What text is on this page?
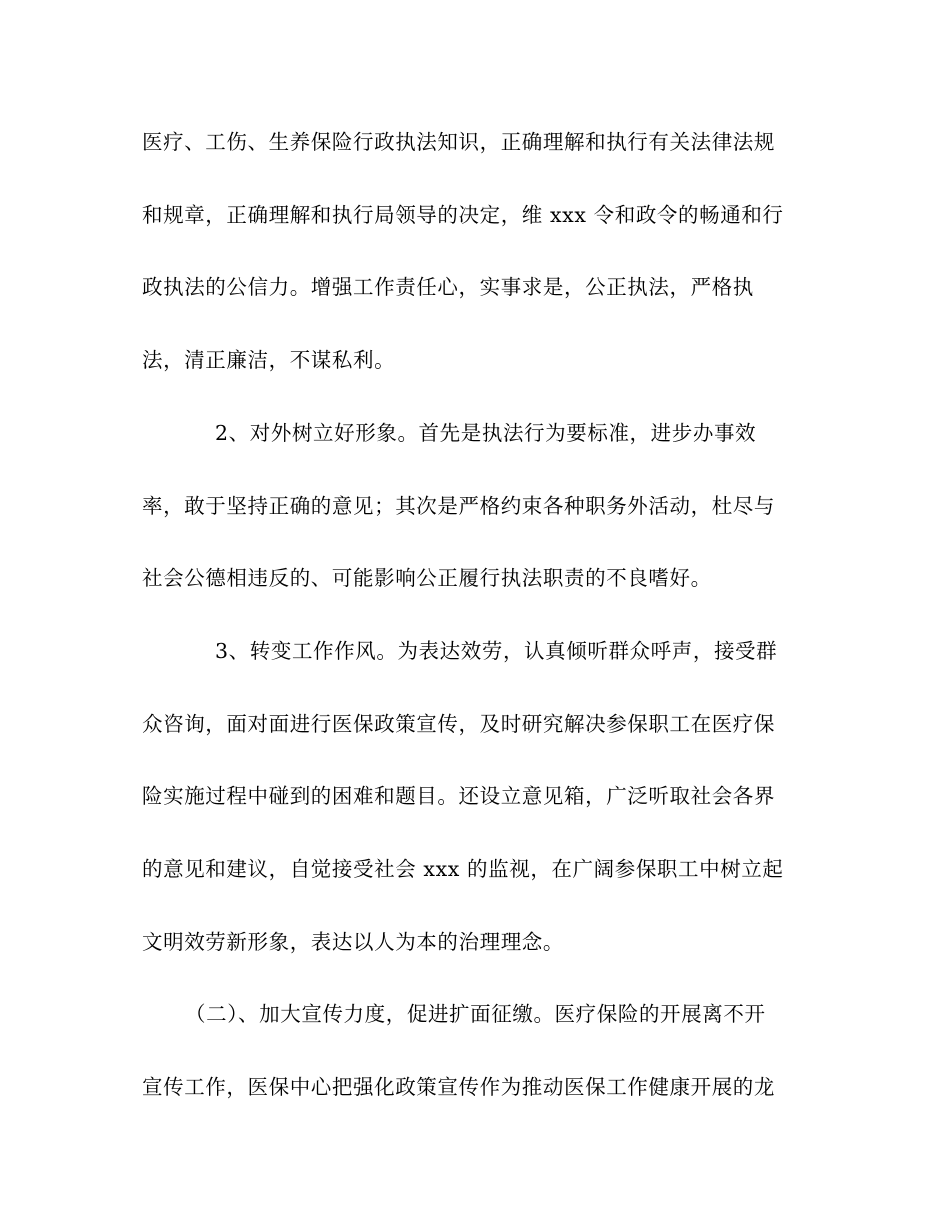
医疗、工伤、生养保险行政执法知识，正确理解和执行有关法律法规
和规章，正确理解和执行局领导的决定，维 xxx 令和政令的畅通和行
政执法的公信力。增强工作责任心，实事求是，公正执法，严格执
法，清正廉洁，不谋私利。
2、对外树立好形象。首先是执法行为要标准，进步办事效
率，敢于坚持正确的意见；其次是严格约束各种职务外活动，杜尽与
社会公德相违反的、可能影响公正履行执法职责的不良嗜好。
3、转变工作作风。为表达效劳，认真倾听群众呼声，接受群
众咨询，面对面进行医保政策宣传，及时研究解决参保职工在医疗保
险实施过程中碰到的困难和题目。还设立意见箱，广泛听取社会各界
的意见和建议，自觉接受社会 xxx 的监视，在广阔参保职工中树立起
文明效劳新形象，表达以人为本的治理理念。
（二）、加大宣传力度，促进扩面征缴。医疗保险的开展离不开
宣传工作，医保中心把强化政策宣传作为推动医保工作健康开展的龙
